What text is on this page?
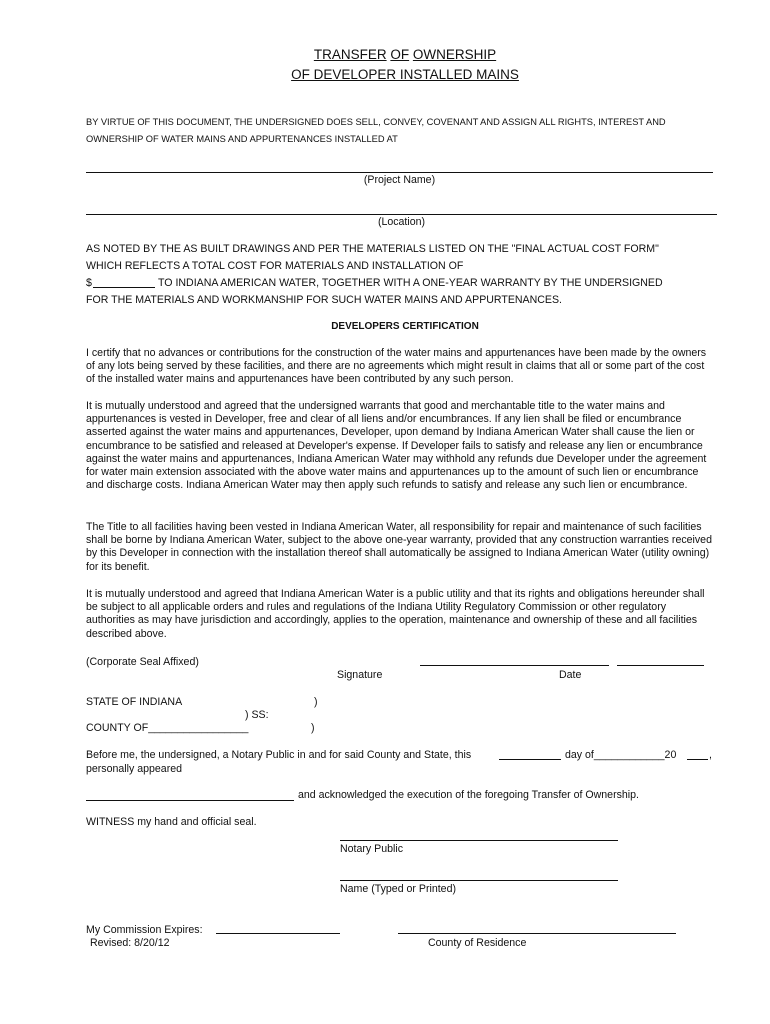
TRANSFER OF OWNERSHIP
OF DEVELOPER INSTALLED MAINS
BY VIRTUE OF THIS DOCUMENT, THE UNDERSIGNED DOES SELL, CONVEY, COVENANT AND ASSIGN ALL RIGHTS, INTEREST AND
OWNERSHIP OF WATER MAINS AND APPURTENANCES INSTALLED AT
(Project Name)
(Location)
AS NOTED BY THE AS BUILT DRAWINGS AND PER THE MATERIALS LISTED ON THE "FINAL ACTUAL COST FORM"
WHICH REFLECTS A TOTAL COST FOR MATERIALS AND INSTALLATION OF
$	TO INDIANA AMERICAN WATER, TOGETHER WITH A ONE-YEAR WARRANTY BY THE UNDERSIGNED
FOR THE MATERIALS AND WORKMANSHIP FOR SUCH WATER MAINS AND APPURTENANCES.
DEVELOPERS CERTIFICATION
I certify that no advances or contributions for the construction of the water mains and appurtenances have been made by the owners of any lots being served by these facilities, and there are no agreements which might result in claims that all or some part of the cost of the installed water mains and appurtenances have been contributed by any such person.
It is mutually understood and agreed that the undersigned warrants that good and merchantable title to the water mains and appurtenances is vested in Developer, free and clear of all liens and/or encumbrances. If any lien shall be filed or encumbrance asserted against the water mains and appurtenances, Developer, upon demand by Indiana American Water shall cause the lien or encumbrance to be satisfied and released at Developer's expense. If Developer fails to satisfy and release any lien or encumbrance against the water mains and appurtenances, Indiana American Water may withhold any refunds due Developer under the agreement for water main extension associated with the above water mains and appurtenances up to the amount of such lien or encumbrance and discharge costs. Indiana American Water may then apply such refunds to satisfy and release any such lien or encumbrance.
The Title to all facilities having been vested in Indiana American Water, all responsibility for repair and maintenance of such facilities shall be borne by Indiana American Water, subject to the above one-year warranty, provided that any construction warranties received by this Developer in connection with the installation thereof shall automatically be assigned to Indiana American Water (utility owning) for its benefit.
It is mutually understood and agreed that Indiana American Water is a public utility and that its rights and obligations hereunder shall be subject to all applicable orders and rules and regulations of the Indiana Utility Regulatory Commission or other regulatory authorities as may have jurisdiction and accordingly, applies to the operation, maintenance and ownership of these and all facilities described above.
(Corporate Seal Affixed)
Signature	Date
STATE OF INDIANA	)
) SS:
COUNTY OF_________________	)
Before me, the undersigned, a Notary Public in and for said County and State, this	day of____________20	,
personally appeared
and acknowledged the execution of the foregoing Transfer of Ownership.
WITNESS my hand and official seal.
Notary Public
Name (Typed or Printed)
My Commission Expires:
Revised: 8/20/12	County of Residence
